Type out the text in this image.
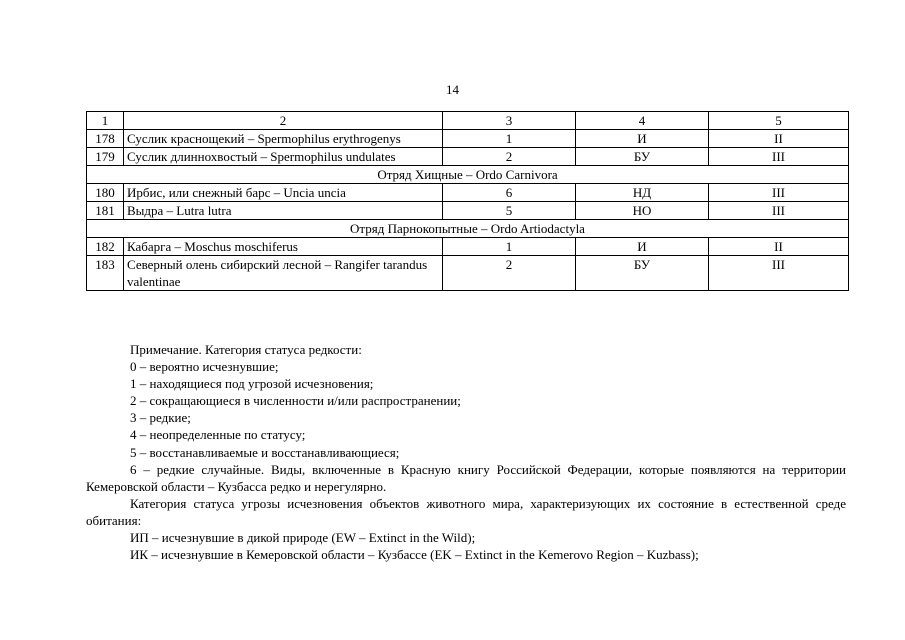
14
1	2	3	4	5
178	Суслик краснощекий – Spermophilus erythrogenys	1	И	II
179	Суслик длиннохвостый – Spermophilus undulates	2	БУ	III
Отряд Хищные – Ordo Carnivora				
180	Ирбис, или снежный барс – Uncia uncia	6	НД	III
181	Выдра – Lutra lutra	5	НО	III
Отряд Парнокопытные – Ordo Artiodactyla				
182	Кабарга – Moschus moschiferus	1	И	II
183	Северный олень сибирский лесной – Rangifer tarandus valentinae	2	БУ	III

Примечание. Категория статуса редкости:

0 – вероятно исчезнувшие;

1 – находящиеся под угрозой исчезновения;

2 – сокращающиеся в численности и/или распространении;

3 – редкие;

4 – неопределенные по статусу;

5 – восстанавливаемые и восстанавливающиеся;

6 – редкие случайные. Виды, включенные в Красную книгу Российской Федерации, которые появляются на территории Кемеровской области – Кузбасса редко и нерегулярно.

Категория статуса угрозы исчезновения объектов животного мира, характеризующих их состояние в естественной среде обитания:

ИП – исчезнувшие в дикой природе (EW – Extinct in the Wild);

ИК – исчезнувшие в Кемеровской области – Кузбассе (EK – Extinct in the Kemerovo Region – Kuzbass);
